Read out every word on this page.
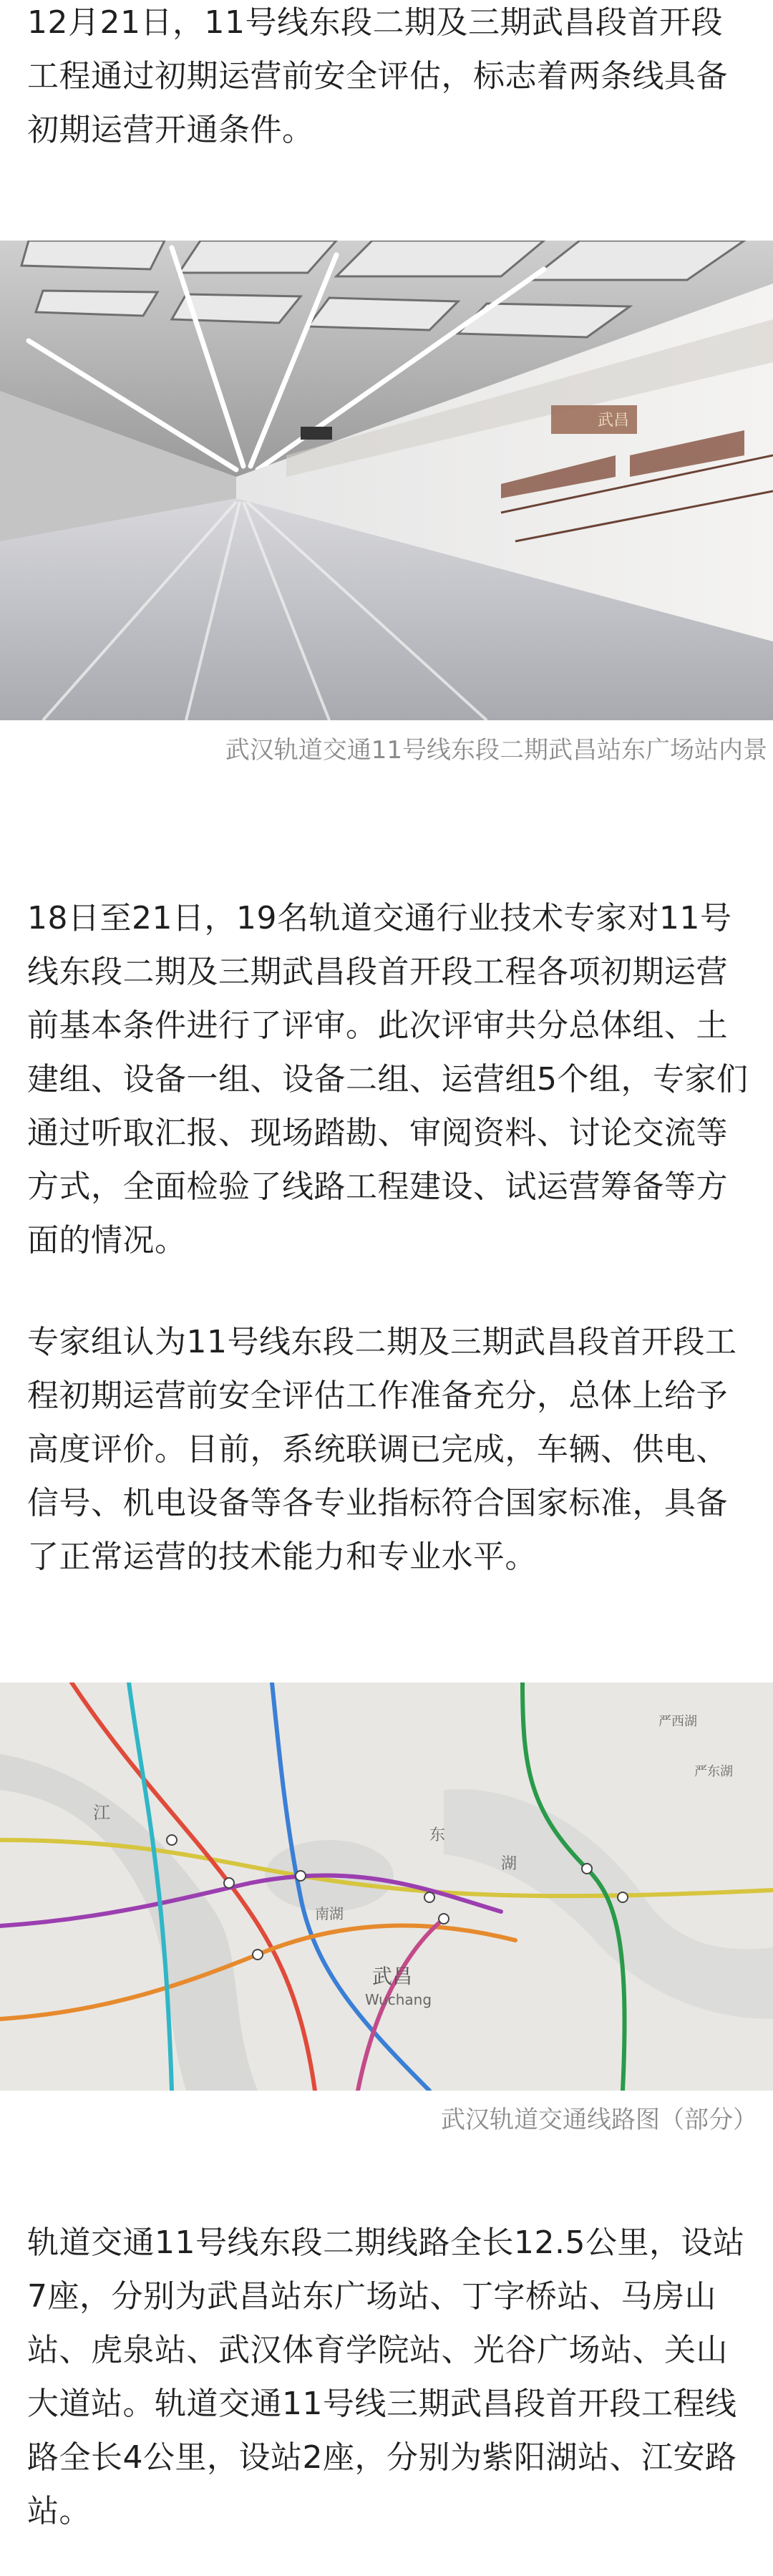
12月21日，11号线东段二期及三期武昌段首开段工程通过初期运营前安全评估，标志着两条线具备初期运营开通条件。

武昌

武汉轨道交通11号线东段二期武昌站东广场站内景

18日至21日，19名轨道交通行业技术专家对11号线东段二期及三期武昌段首开段工程各项初期运营前基本条件进行了评审。此次评审共分总体组、土建组、设备一组、设备二组、运营组5个组，专家们通过听取汇报、现场踏勘、审阅资料、讨论交流等方式，全面检验了线路工程建设、试运营筹备等方面的情况。

专家组认为11号线东段二期及三期武昌段首开段工程初期运营前安全评估工作准备充分，总体上给予高度评价。目前，系统联调已完成，车辆、供电、信号、机电设备等各专业指标符合国家标准，具备了正常运营的技术能力和专业水平。

武昌
Wuchang
东
湖
南湖
严西湖
严东湖
江

武汉轨道交通线路图（部分）

轨道交通11号线东段二期线路全长12.5公里，设站7座，分别为武昌站东广场站、丁字桥站、马房山站、虎泉站、武汉体育学院站、光谷广场站、关山大道站。轨道交通11号线三期武昌段首开段工程线路全长4公里，设站2座，分别为紫阳湖站、江安路站。
